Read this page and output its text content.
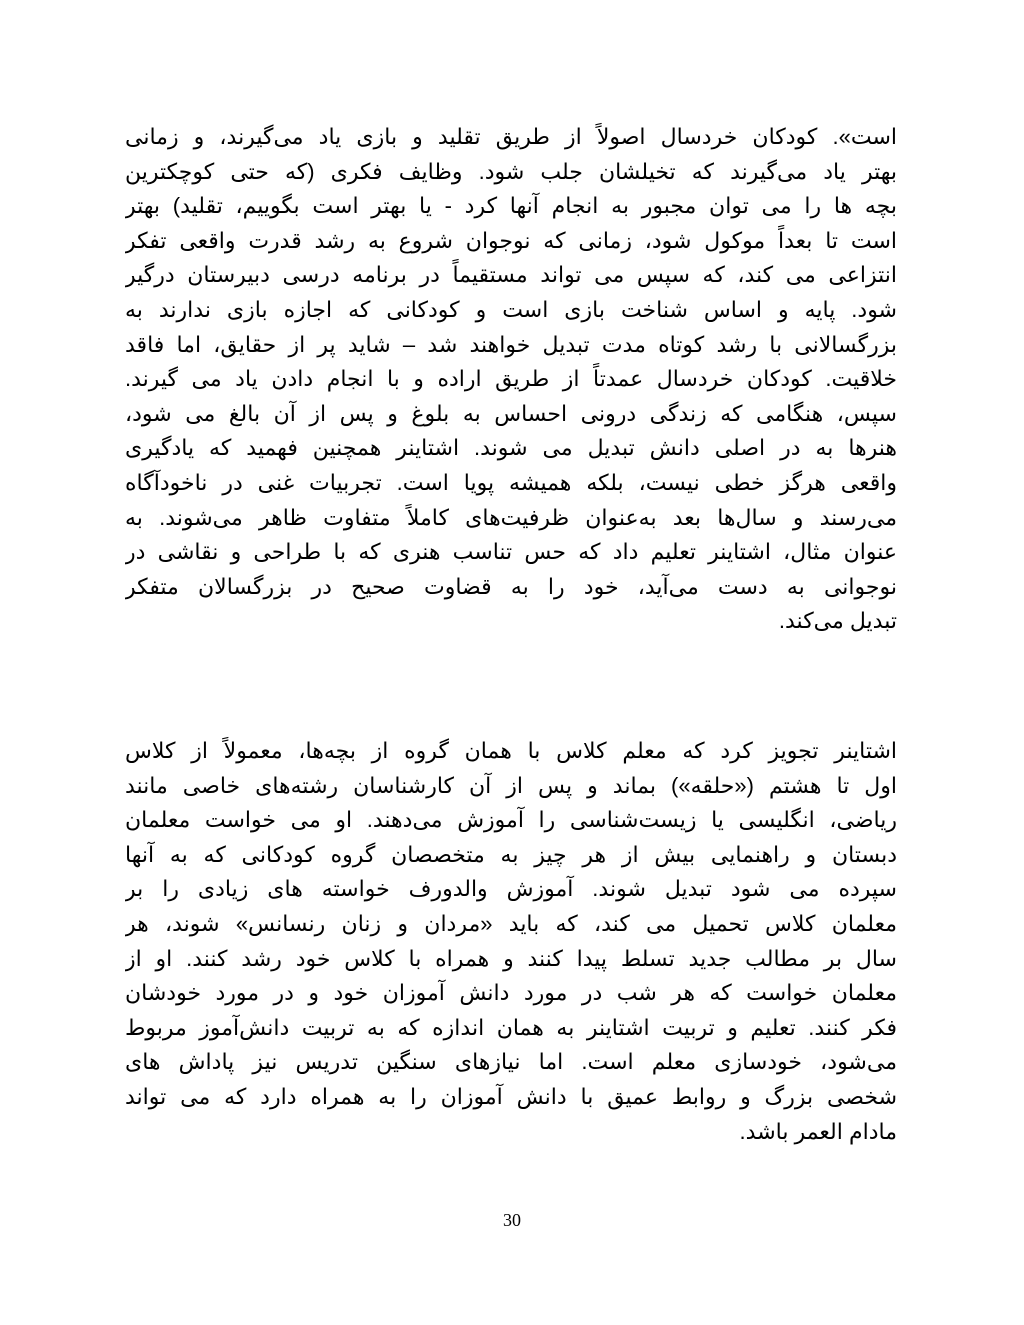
است». کودکان خردسال اصولاً از طریق تقلید و بازی یاد می‌گیرند، و زمانی
بهتر یاد می‌گیرند که تخیلشان جلب شود. وظایف فکری (که حتی کوچکترین
بچه ها را می توان مجبور به انجام آنها کرد - یا بهتر است بگوییم، تقلید) بهتر
است تا بعداً موکول شود، زمانی که نوجوان شروع به رشد قدرت واقعی تفکر
انتزاعی می کند، که سپس می تواند مستقیماً در برنامه درسی دبیرستان درگیر
شود. پایه و اساس شناخت بازی است و کودکانی که اجازه بازی ندارند به
بزرگسالانی با رشد کوتاه مدت تبدیل خواهند شد – شاید پر از حقایق، اما فاقد
خلاقیت. کودکان خردسال عمدتاً از طریق اراده و با انجام دادن یاد می گیرند.
سپس، هنگامی که زندگی درونی احساس به بلوغ و پس از آن بالغ می شود،
هنرها به در اصلی دانش تبدیل می شوند. اشتاینر همچنین فهمید که یادگیری
واقعی هرگز خطی نیست، بلکه همیشه پویا است. تجربیات غنی در ناخودآگاه
می‌رسند و سال‌ها بعد به‌عنوان ظرفیت‌های کاملاً متفاوت ظاهر می‌شوند. به
عنوان مثال، اشتاینر تعلیم داد که حس تناسب هنری که با طراحی و نقاشی در
نوجوانی به دست می‌آید، خود را به قضاوت صحیح در بزرگسالان متفکر
تبدیل می‌کند.
اشتاینر تجویز کرد که معلم کلاس با همان گروه از بچه‌ها، معمولاً از کلاس
اول تا هشتم («حلقه») بماند و پس از آن کارشناسان رشته‌های خاصی مانند
ریاضی، انگلیسی یا زیست‌شناسی را آموزش می‌دهند. او می خواست معلمان
دبستان و راهنمایی بیش از هر چیز به متخصصان گروه کودکانی که به آنها
سپرده می شود تبدیل شوند. آموزش والدورف خواسته های زیادی را بر
معلمان کلاس تحمیل می کند، که باید «مردان و زنان رنسانس» شوند، هر
سال بر مطالب جدید تسلط پیدا کنند و همراه با کلاس خود رشد کنند. او از
معلمان خواست که هر شب در مورد دانش آموزان خود و در مورد خودشان
فکر کنند. تعلیم و تربیت اشتاینر به همان اندازه که به تربیت دانش‌آموز مربوط
می‌شود، خودسازی معلم است. اما نیازهای سنگین تدریس نیز پاداش های
شخصی بزرگ و روابط عمیق با دانش آموزان را به همراه دارد که می تواند
مادام العمر باشد.
30
